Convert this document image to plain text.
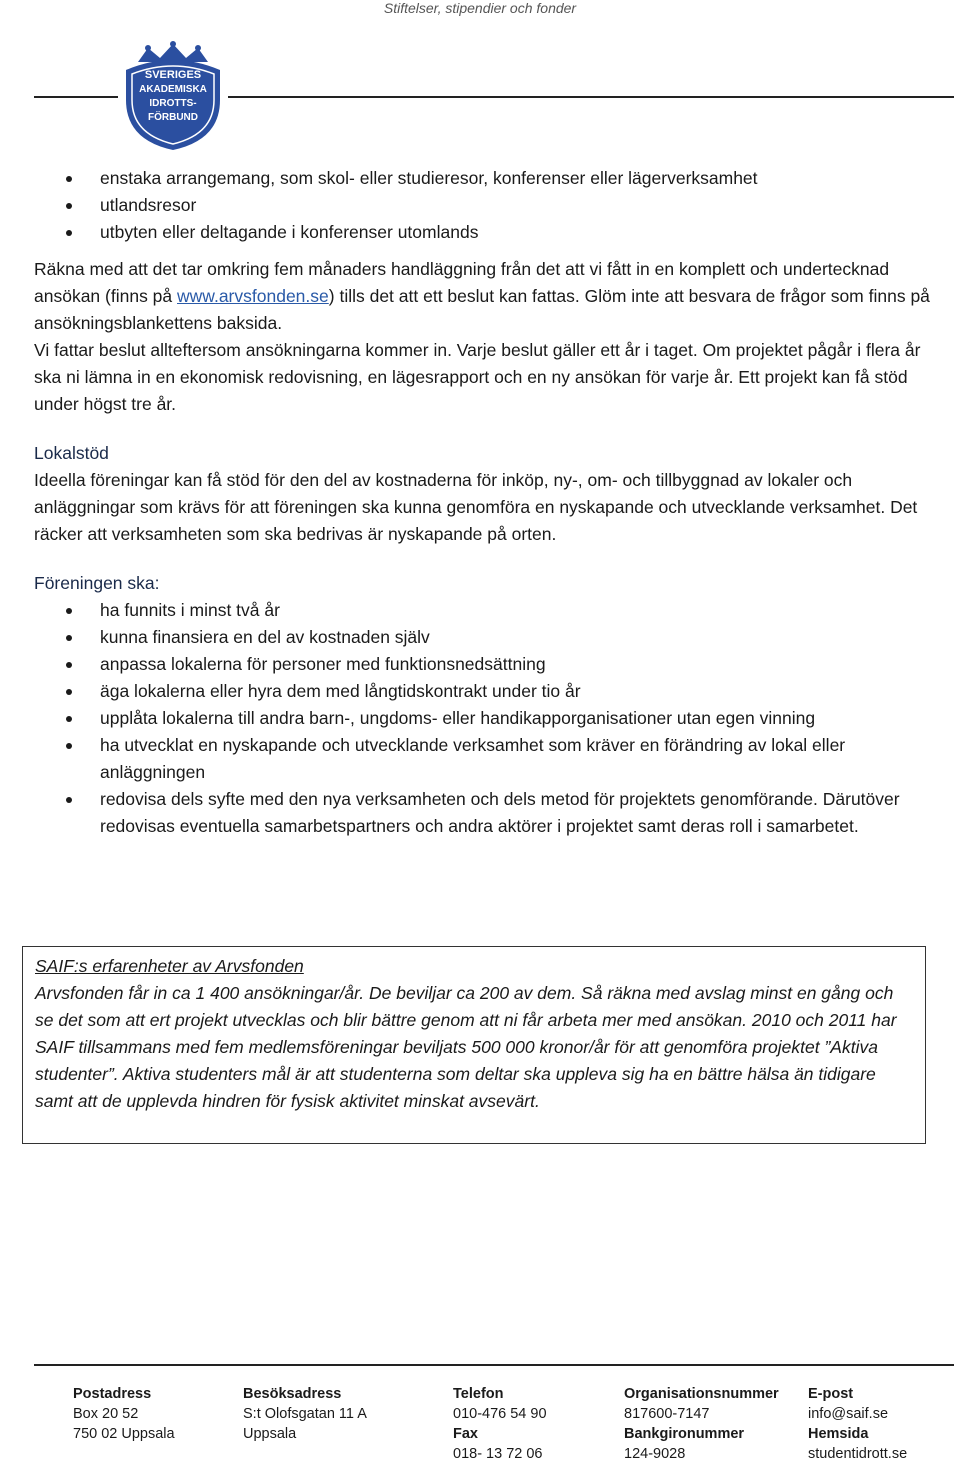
Stiftelser, stipendier och fonder
SVERIGES
AKADEMISKA
IDROTTS-
FÖRBUND
enstaka arrangemang, som skol- eller studieresor, konferenser eller lägerverksamhet
utlandsresor
utbyten eller deltagande i konferenser utomlands

Räkna med att det tar omkring fem månaders handläggning från det att vi fått in en komplett och undertecknad ansökan (finns på www.arvsfonden.se) tills det att ett beslut kan fattas. Glöm inte att besvara de frågor som finns på ansökningsblankettens baksida.

Vi fattar beslut allteftersom ansökningarna kommer in. Varje beslut gäller ett år i taget. Om projektet pågår i flera år ska ni lämna in en ekonomisk redovisning, en lägesrapport och en ny ansökan för varje år. Ett projekt kan få stöd under högst tre år.

Lokalstöd

Ideella föreningar kan få stöd för den del av kostnaderna för inköp, ny-, om- och tillbyggnad av lokaler och anläggningar som krävs för att föreningen ska kunna genomföra en nyskapande och utvecklande verksamhet. Det räcker att verksamheten som ska bedrivas är nyskapande på orten.

Föreningen ska:

ha funnits i minst två år
kunna finansiera en del av kostnaden själv
anpassa lokalerna för personer med funktionsnedsättning
äga lokalerna eller hyra dem med långtidskontrakt under tio år
upplåta lokalerna till andra barn-, ungdoms- eller handikapporganisationer utan egen vinning
ha utvecklat en nyskapande och utvecklande verksamhet som kräver en förändring av lokal eller anläggningen
redovisa dels syfte med den nya verksamheten och dels metod för projektets genomförande. Därutöver redovisas eventuella samarbetspartners och andra aktörer i projektet samt deras roll i samarbetet.
SAIF:s erfarenheter av Arvsfonden
Arvsfonden får in ca 1 400 ansökningar/år. De beviljar ca 200 av dem. Så räkna med avslag minst en gång och se det som att ert projekt utvecklas och blir bättre genom att ni får arbeta mer med ansökan. 2010 och 2011 har SAIF tillsammans med fem medlemsföreningar beviljats 500 000 kronor/år för att genomföra projektet ”Aktiva studenter”. Aktiva studenters mål är att studenterna som deltar ska uppleva sig ha en bättre hälsa än tidigare samt att de upplevda hindren för fysisk aktivitet minskat avsevärt.
Postadress
Box 20 52
750 02 Uppsala
Besöksadress
S:t Olofsgatan 11 A
Uppsala
Telefon
010-476 54 90
Fax
018- 13 72 06
Organisationsnummer
817600-7147
Bankgironummer
124-9028
E-post
info@saif.se
Hemsida
studentidrott.se
